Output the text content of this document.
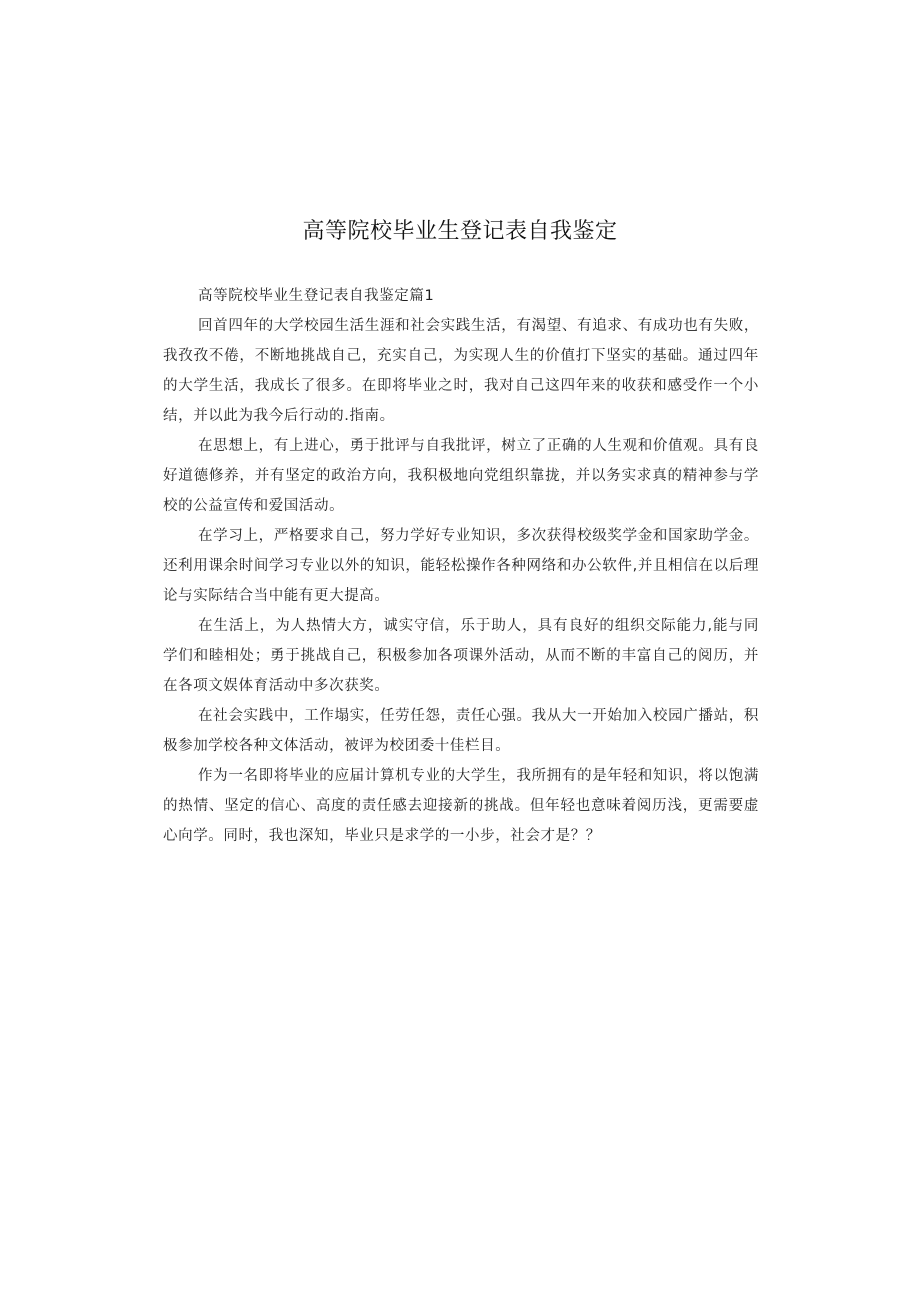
高等院校毕业生登记表自我鉴定

高等院校毕业生登记表自我鉴定篇1

回首四年的大学校园生活生涯和社会实践生活，有渴望、有追求、有成功也有失败，我孜孜不倦，不断地挑战自己，充实自己，为实现人生的价值打下坚实的基础。通过四年的大学生活，我成长了很多。在即将毕业之时，我对自己这四年来的收获和感受作一个小结，并以此为我今后行动的.指南。

在思想上，有上进心，勇于批评与自我批评，树立了正确的人生观和价值观。具有良好道德修养，并有坚定的政治方向，我积极地向党组织靠拢，并以务实求真的精神参与学校的公益宣传和爱国活动。

在学习上，严格要求自己，努力学好专业知识，多次获得校级奖学金和国家助学金。还利用课余时间学习专业以外的知识，能轻松操作各种网络和办公软件,并且相信在以后理论与实际结合当中能有更大提高。

在生活上，为人热情大方，诚实守信，乐于助人，具有良好的组织交际能力,能与同学们和睦相处；勇于挑战自己，积极参加各项课外活动，从而不断的丰富自己的阅历，并在各项文娱体育活动中多次获奖。

在社会实践中，工作塌实，任劳任怨，责任心强。我从大一开始加入校园广播站，积极参加学校各种文体活动，被评为校团委十佳栏目。

作为一名即将毕业的应届计算机专业的大学生，我所拥有的是年轻和知识，将以饱满的热情、坚定的信心、高度的责任感去迎接新的挑战。但年轻也意味着阅历浅，更需要虚心向学。同时，我也深知，毕业只是求学的一小步，社会才是？？
